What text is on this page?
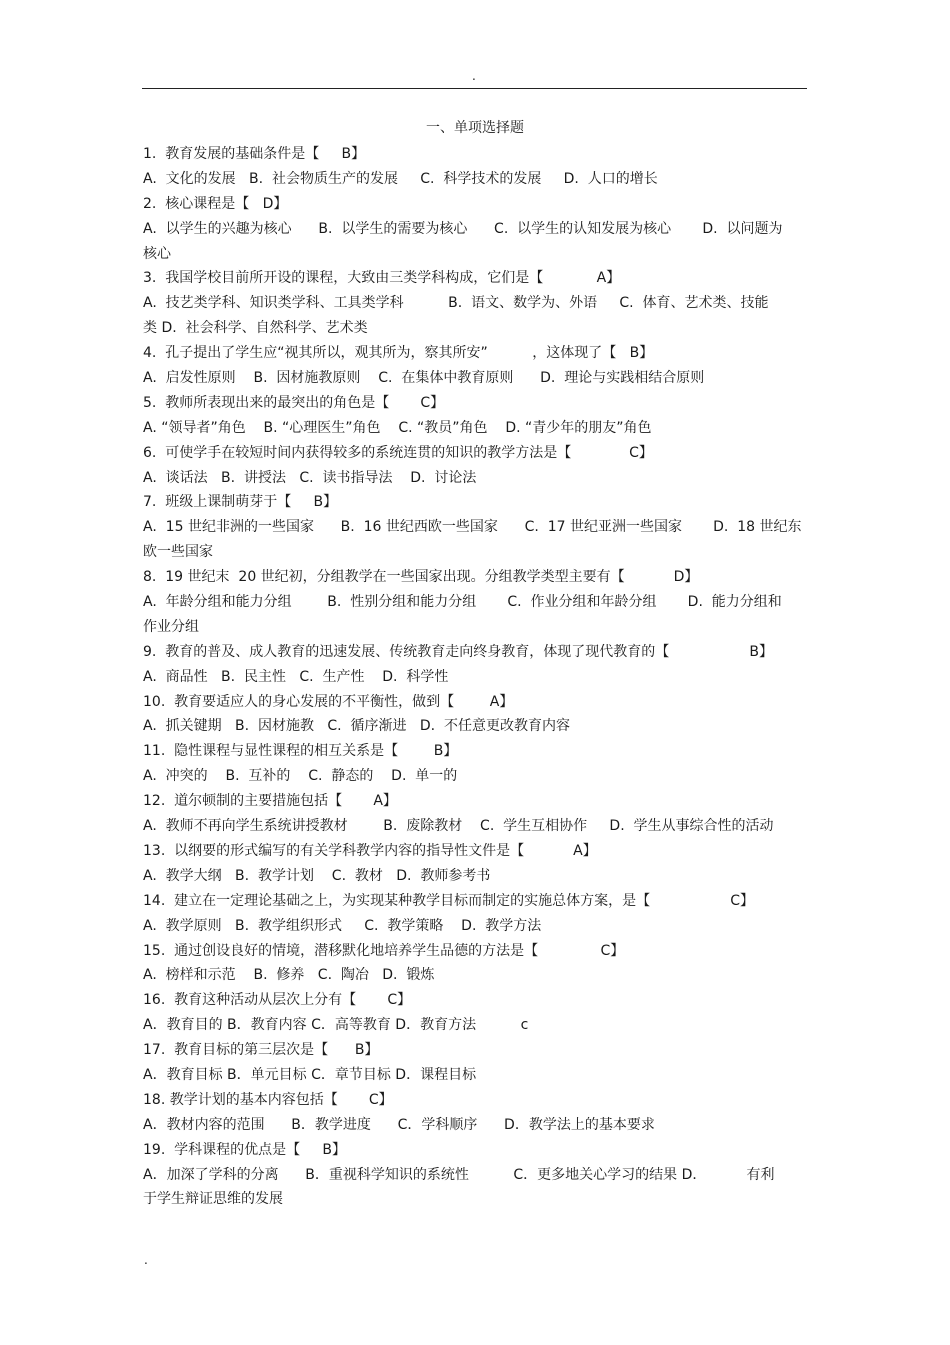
.
一、单项选择题
1.  教育发展的基础条件是【     B】
A.  文化的发展   B.  社会物质生产的发展     C.  科学技术的发展     D.  人口的增长
2.  核心课程是【   D】
A.  以学生的兴趣为核心      B.  以学生的需要为核心      C.  以学生的认知发展为核心       D.  以问题为
核心
3.  我国学校目前所开设的课程，大致由三类学科构成，它们是【            A】
A.  技艺类学科、知识类学科、工具类学科          B.  语文、数学为、外语     C.  体育、艺术类、技能
类 D.  社会科学、自然科学、艺术类
4.  孔子提出了学生应“视其所以，观其所为，察其所安”          ，这体现了【   B】
A.  启发性原则    B.  因材施教原则    C.  在集体中教育原则      D.  理论与实践相结合原则
5.  教师所表现出来的最突出的角色是【       C】
A. “领导者”角色    B. “心理医生”角色    C. “教员”角色    D. “青少年的朋友”角色
6.  可使学手在较短时间内获得较多的系统连贯的知识的教学方法是【             C】
A.  谈话法   B.  讲授法   C.  读书指导法    D.  讨论法
7.  班级上课制萌芽于【     B】
A.  15 世纪非洲的一些国家      B.  16 世纪西欧一些国家      C.  17 世纪亚洲一些国家       D.  18 世纪东
欧一些国家
8.  19 世纪末  20 世纪初，分组教学在一些国家出现。分组教学类型主要有【           D】
A.  年龄分组和能力分组        B.  性别分组和能力分组       C.  作业分组和年龄分组       D.  能力分组和
作业分组
9.  教育的普及、成人教育的迅速发展、传统教育走向终身教育，体现了现代教育的【                  B】
A.  商品性   B.  民主性   C.  生产性    D.  科学性
10.  教育要适应人的身心发展的不平衡性，做到【        A】
A.  抓关键期   B.  因材施教   C.  循序渐进   D.  不任意更改教育内容
11.  隐性课程与显性课程的相互关系是【        B】
A.  冲突的    B.  互补的    C.  静态的    D.  单一的
12.  道尔顿制的主要措施包括【       A】
A.  教师不再向学生系统讲授教材        B.  废除教材    C.  学生互相协作     D.  学生从事综合性的活动
13.  以纲要的形式编写的有关学科教学内容的指导性文件是【           A】
A.  教学大纲   B.  教学计划    C.  教材   D.  教师参考书
14.  建立在一定理论基础之上，为实现某种教学目标而制定的实施总体方案，是【                  C】
A.  教学原则   B.  教学组织形式     C.  教学策略    D.  教学方法
15.  通过创设良好的情境，潜移默化地培养学生品德的方法是【              C】
A.  榜样和示范    B.  修养   C.  陶冶   D.  锻炼
16.  教育这种活动从层次上分有【       C】
A．教育目的 B．教育内容 C．高等教育 D．教育方法          c
17.  教育目标的第三层次是【      B】
A．教育目标 B．单元目标 C．章节目标 D．课程目标
18. 教学计划的基本内容包括【       C】
A．教材内容的范围      B．教学进度      C．学科顺序      D．教学法上的基本要求
19.  学科课程的优点是【     B】
A．加深了学科的分离      B．重视科学知识的系统性          C．更多地关心学习的结果 D．         有利
于学生辩证思维的发展
.
